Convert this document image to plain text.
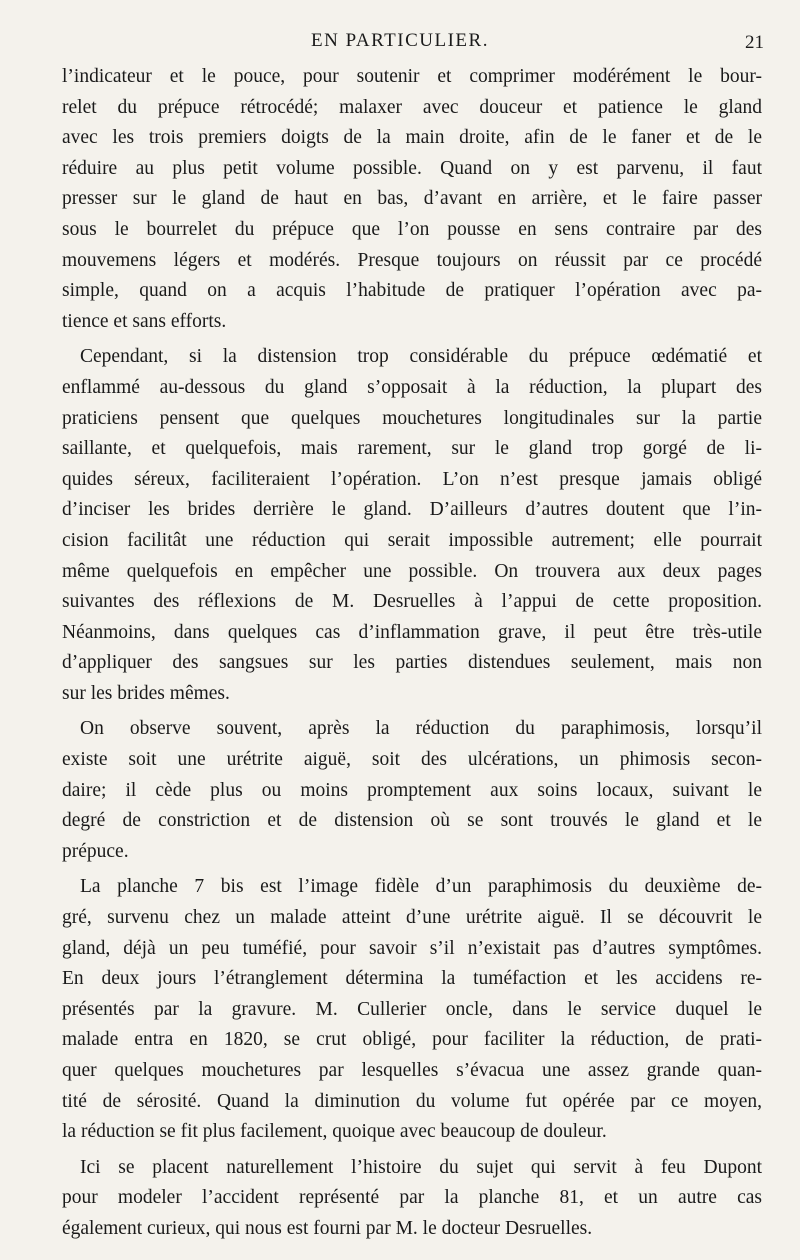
EN PARTICULIER.	21

l’indicateur et le pouce, pour soutenir et comprimer modérément le bour-
relet du prépuce rétrocédé; malaxer avec douceur et patience le gland
avec les trois premiers doigts de la main droite, afin de le faner et de le
réduire au plus petit volume possible. Quand on y est parvenu, il faut
presser sur le gland de haut en bas, d’avant en arrière, et le faire passer
sous le bourrelet du prépuce que l’on pousse en sens contraire par des
mouvemens légers et modérés. Presque toujours on réussit par ce procédé
simple, quand on a acquis l’habitude de pratiquer l’opération avec pa-
tience et sans efforts.

Cependant, si la distension trop considérable du prépuce œdématié et
enflammé au-dessous du gland s’opposait à la réduction, la plupart des
praticiens pensent que quelques mouchetures longitudinales sur la partie
saillante, et quelquefois, mais rarement, sur le gland trop gorgé de li-
quides séreux, faciliteraient l’opération. L’on n’est presque jamais obligé
d’inciser les brides derrière le gland. D’ailleurs d’autres doutent que l’in-
cision facilitât une réduction qui serait impossible autrement; elle pourrait
même quelquefois en empêcher une possible. On trouvera aux deux pages
suivantes des réflexions de M. Desruelles à l’appui de cette proposition.
Néanmoins, dans quelques cas d’inflammation grave, il peut être très-utile
d’appliquer des sangsues sur les parties distendues seulement, mais non
sur les brides mêmes.

On observe souvent, après la réduction du paraphimosis, lorsqu’il
existe soit une urétrite aiguë, soit des ulcérations, un phimosis secon-
daire; il cède plus ou moins promptement aux soins locaux, suivant le
degré de constriction et de distension où se sont trouvés le gland et le
prépuce.

La planche 7 bis est l’image fidèle d’un paraphimosis du deuxième de-
gré, survenu chez un malade atteint d’une urétrite aiguë. Il se découvrit le
gland, déjà un peu tuméfié, pour savoir s’il n’existait pas d’autres symptômes.
En deux jours l’étranglement détermina la tuméfaction et les accidens re-
présentés par la gravure. M. Cullerier oncle, dans le service duquel le
malade entra en 1820, se crut obligé, pour faciliter la réduction, de prati-
quer quelques mouchetures par lesquelles s’évacua une assez grande quan-
tité de sérosité. Quand la diminution du volume fut opérée par ce moyen,
la réduction se fit plus facilement, quoique avec beaucoup de douleur.

Ici se placent naturellement l’histoire du sujet qui servit à feu Dupont
pour modeler l’accident représenté par la planche 81, et un autre cas
également curieux, qui nous est fourni par M. le docteur Desruelles.
